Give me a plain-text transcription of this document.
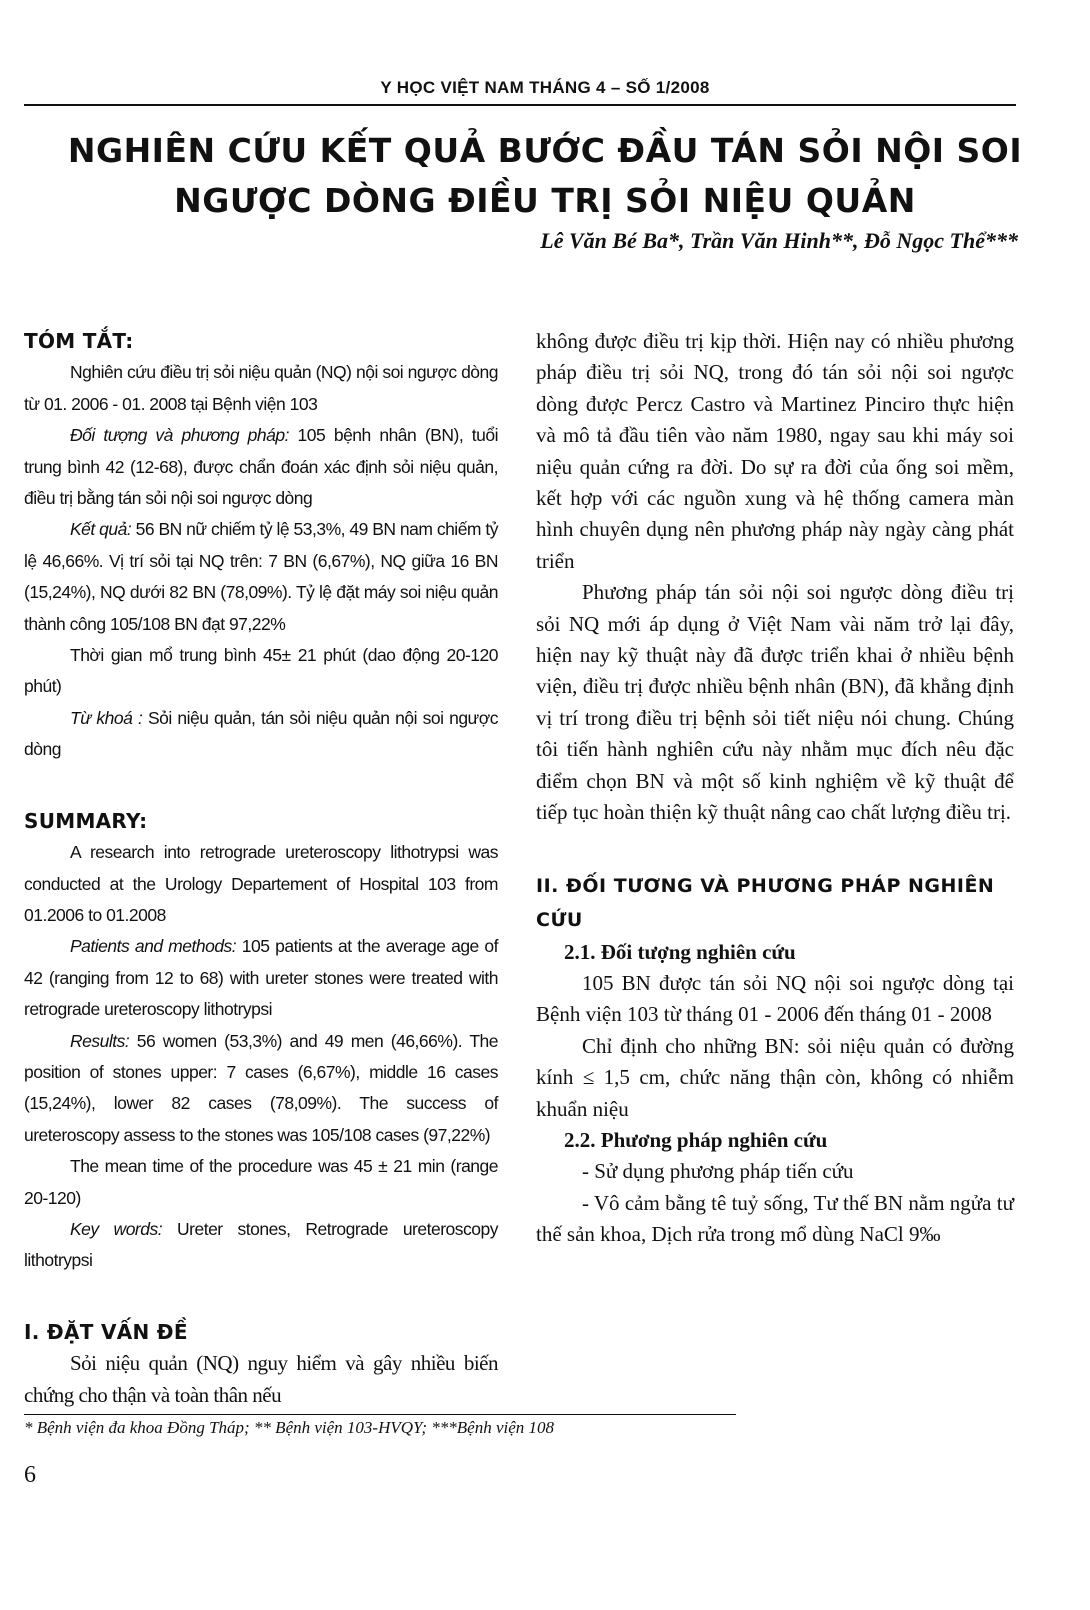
Y HỌC VIỆT NAM THÁNG 4 – SỐ 1/2008
NGHIÊN CỨU KẾT QUẢ BƯỚC ĐẦU TÁN SỎI NỘI SOI
NGƯỢC DÒNG ĐIỀU TRỊ SỎI NIỆU QUẢN
Lê Văn Bé Ba*, Trần Văn Hinh**, Đỗ Ngọc Thể***
TÓM TẮT:

Nghiên cứu điều trị sỏi niệu quản (NQ) nội soi ngược dòng từ 01. 2006 - 01. 2008 tại Bệnh viện 103

Đối tượng và phương pháp: 105 bệnh nhân (BN), tuổi trung bình 42 (12-68), được chẩn đoán xác định sỏi niệu quản, điều trị bằng tán sỏi nội soi ngược dòng

Kết quả: 56 BN nữ chiếm tỷ lệ 53,3%, 49 BN nam chiếm tỷ lệ 46,66%. Vị trí sỏi tại NQ trên: 7 BN (6,67%), NQ giữa 16 BN (15,24%), NQ dưới 82 BN (78,09%). Tỷ lệ đặt máy soi niệu quản thành công 105/108 BN đạt 97,22%

Thời gian mổ trung bình 45± 21 phút (dao động 20-120 phút)

Từ khoá : Sỏi niệu quản, tán sỏi niệu quản nội soi ngược dòng

SUMMARY:

A research into retrograde ureteroscopy lithotrypsi was conducted at the Urology Departement of Hospital 103 from 01.2006 to 01.2008

Patients and methods: 105 patients at the average age of 42 (ranging from 12 to 68) with ureter stones were treated with retrograde ureteroscopy lithotrypsi

Results: 56 women (53,3%) and 49 men (46,66%). The position of stones upper: 7 cases (6,67%), middle 16 cases (15,24%), lower 82 cases (78,09%). The success of ureteroscopy assess to the stones was 105/108 cases (97,22%)

The mean time of the procedure was 45 ± 21 min (range 20-120)

Key words: Ureter stones, Retrograde ureteroscopy lithotrypsi

I. ĐẶT VẤN ĐỀ

Sỏi niệu quản (NQ) nguy hiểm và gây nhiều biến chứng cho thận và toàn thân nếu

không được điều trị kịp thời. Hiện nay có nhiều phương pháp điều trị sỏi NQ, trong đó tán sỏi nội soi ngược dòng được Percz Castro và Martinez Pinciro thực hiện và mô tả đầu tiên vào năm 1980, ngay sau khi máy soi niệu quản cứng ra đời. Do sự ra đời của ống soi mềm, kết hợp với các nguồn xung và hệ thống camera màn hình chuyên dụng nên phương pháp này ngày càng phát triển

Phương pháp tán sỏi nội soi ngược dòng điều trị sỏi NQ mới áp dụng ở Việt Nam vài năm trở lại đây, hiện nay kỹ thuật này đã được triển khai ở nhiều bệnh viện, điều trị được nhiều bệnh nhân (BN), đã khẳng định vị trí trong điều trị bệnh sỏi tiết niệu nói chung. Chúng tôi tiến hành nghiên cứu này nhằm mục đích nêu đặc điểm chọn BN và một số kinh nghiệm về kỹ thuật để tiếp tục hoàn thiện kỹ thuật nâng cao chất lượng điều trị.

II. ĐỐI TƯƠNG VÀ PHƯƠNG PHÁP NGHIÊN CỨU

2.1. Đối tượng nghiên cứu

105 BN được tán sỏi NQ nội soi ngược dòng tại Bệnh viện 103 từ tháng 01 - 2006 đến tháng 01 - 2008

Chỉ định cho những BN: sỏi niệu quản có đường kính ≤ 1,5 cm, chức năng thận còn, không có nhiễm khuẩn niệu

2.2. Phương pháp nghiên cứu

- Sử dụng phương pháp tiến cứu

- Vô cảm bằng tê tuỷ sống, Tư thế BN nằm ngửa tư thế sản khoa, Dịch rửa trong mổ dùng NaCl 9‰

* Bệnh viện đa khoa Đồng Tháp; ** Bệnh viện 103-HVQY; ***Bệnh viện 108
6
